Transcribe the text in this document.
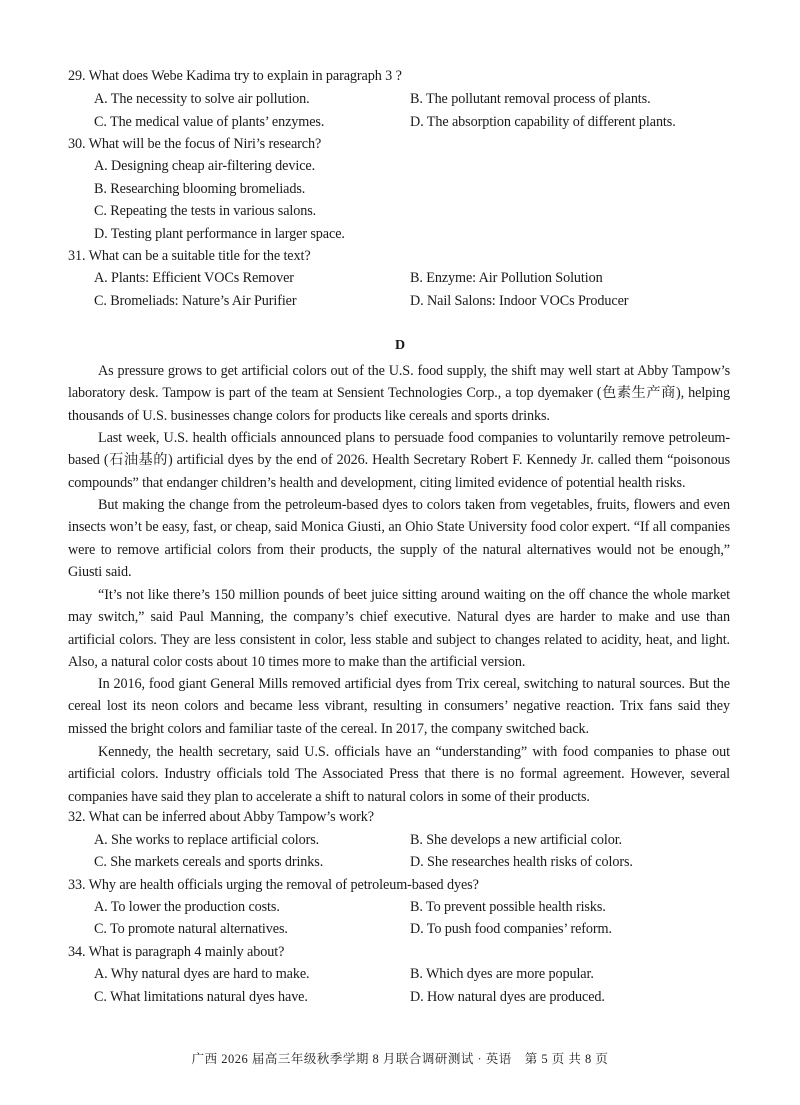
29. What does Webe Kadima try to explain in paragraph 3 ?
A. The necessity to solve air pollution.	B. The pollutant removal process of plants.
C. The medical value of plants’ enzymes.	D. The absorption capability of different plants.
30. What will be the focus of Niri’s research?
A. Designing cheap air-filtering device.
B. Researching blooming bromeliads.
C. Repeating the tests in various salons.
D. Testing plant performance in larger space.
31. What can be a suitable title for the text?
A. Plants: Efficient VOCs Remover	B. Enzyme: Air Pollution Solution
C. Bromeliads: Nature’s Air Purifier	D. Nail Salons: Indoor VOCs Producer
D

As pressure grows to get artificial colors out of the U.S. food supply, the shift may well start at Abby Tampow’s laboratory desk. Tampow is part of the team at Sensient Technologies Corp., a top dyemaker (色素生产商), helping thousands of U.S. businesses change colors for products like cereals and sports drinks.

Last week, U.S. health officials announced plans to persuade food companies to voluntarily remove petroleum-based (石油基的) artificial dyes by the end of 2026. Health Secretary Robert F. Kennedy Jr. called them “poisonous compounds” that endanger children’s health and development, citing limited evidence of potential health risks.

But making the change from the petroleum-based dyes to colors taken from vegetables, fruits, flowers and even insects won’t be easy, fast, or cheap, said Monica Giusti, an Ohio State University food color expert. “If all companies were to remove artificial colors from their products, the supply of the natural alternatives would not be enough,” Giusti said.

“It’s not like there’s 150 million pounds of beet juice sitting around waiting on the off chance the whole market may switch,” said Paul Manning, the company’s chief executive. Natural dyes are harder to make and use than artificial colors. They are less consistent in color, less stable and subject to changes related to acidity, heat, and light. Also, a natural color costs about 10 times more to make than the artificial version.

In 2016, food giant General Mills removed artificial dyes from Trix cereal, switching to natural sources. But the cereal lost its neon colors and became less vibrant, resulting in consumers’ negative reaction. Trix fans said they missed the bright colors and familiar taste of the cereal. In 2017, the company switched back.

Kennedy, the health secretary, said U.S. officials have an “understanding” with food companies to phase out artificial colors. Industry officials told The Associated Press that there is no formal agreement. However, several companies have said they plan to accelerate a shift to natural colors in some of their products.

32. What can be inferred about Abby Tampow’s work?
A. She works to replace artificial colors.	B. She develops a new artificial color.
C. She markets cereals and sports drinks.	D. She researches health risks of colors.
33. Why are health officials urging the removal of petroleum-based dyes?
A. To lower the production costs.	B. To prevent possible health risks.
C. To promote natural alternatives.	D. To push food companies’ reform.
34. What is paragraph 4 mainly about?
A. Why natural dyes are hard to make.	B. Which dyes are more popular.
C. What limitations natural dyes have.	D. How natural dyes are produced.
广西 2026 届高三年级秋季学期 8 月联合调研测试 · 英语　第 5 页 共 8 页
